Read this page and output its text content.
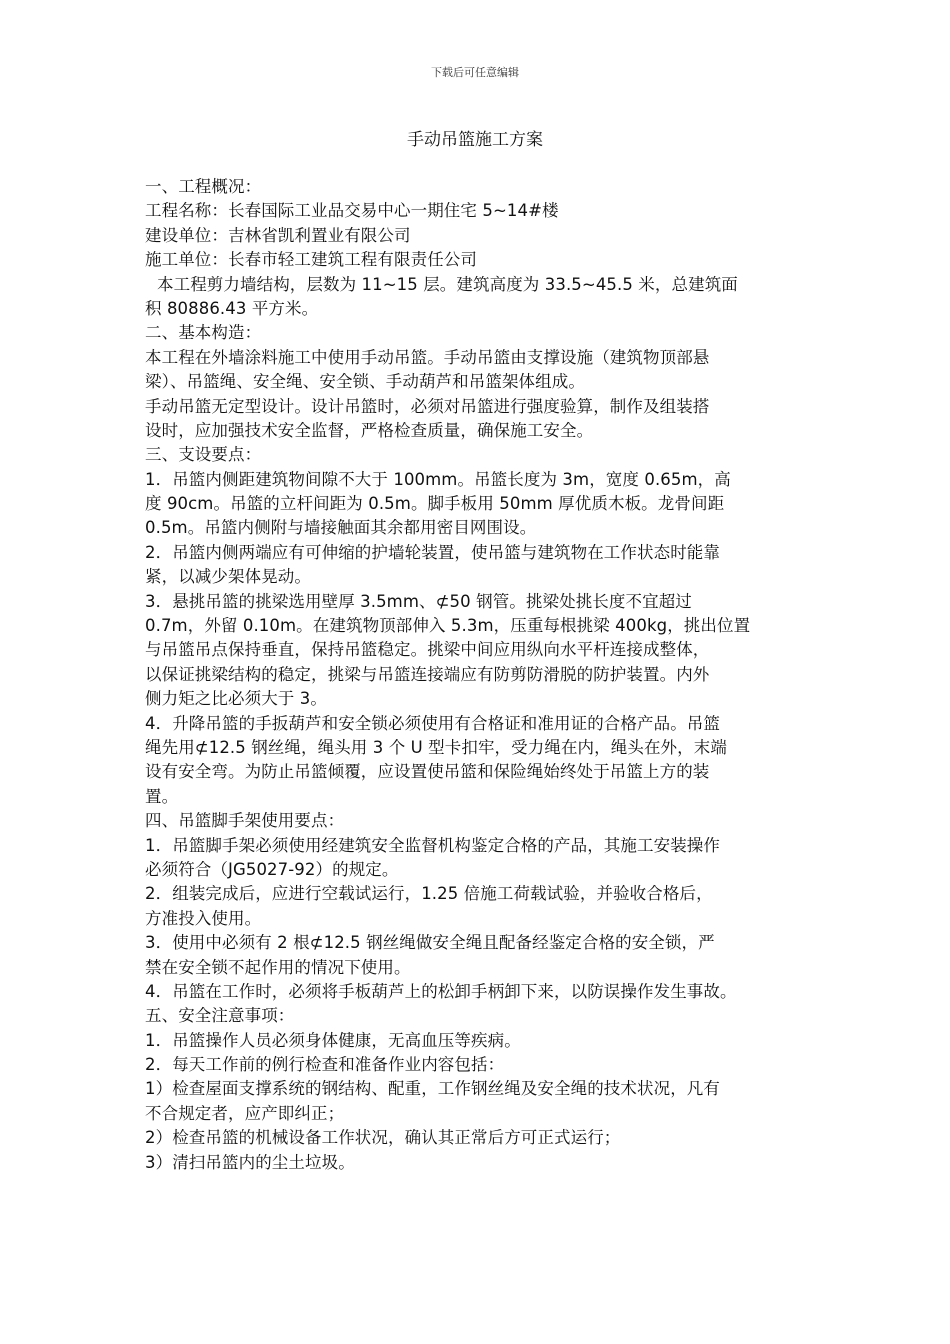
下载后可任意编辑
手动吊篮施工方案
一、工程概况：
工程名称：长春国际工业品交易中心一期住宅 5~14#楼
建设单位：吉林省凯利置业有限公司
施工单位：长春市轻工建筑工程有限责任公司
本工程剪力墙结构，层数为 11~15 层。建筑高度为 33.5~45.5 米，总建筑面
积 80886.43 平方米。
二、基本构造：
本工程在外墙涂料施工中使用手动吊篮。手动吊篮由支撑设施（建筑物顶部悬
梁）、吊篮绳、安全绳、安全锁、手动葫芦和吊篮架体组成。
手动吊篮无定型设计。设计吊篮时，必须对吊篮进行强度验算，制作及组装搭
设时，应加强技术安全监督，严格检查质量，确保施工安全。
三、支设要点：
1．吊篮内侧距建筑物间隙不大于 100mm。吊篮长度为 3m，宽度 0.65m，高
度 90cm。吊篮的立杆间距为 0.5m。脚手板用 50mm 厚优质木板。龙骨间距
0.5m。吊篮内侧附与墙接触面其余都用密目网围设。
2．吊篮内侧两端应有可伸缩的护墙轮装置，使吊篮与建筑物在工作状态时能靠
紧，以减少架体晃动。
3．悬挑吊篮的挑梁选用壁厚 3.5mm、⊄50 钢管。挑梁处挑长度不宜超过
0.7m，外留 0.10m。在建筑物顶部伸入 5.3m，压重每根挑梁 400kg，挑出位置
与吊篮吊点保持垂直，保持吊篮稳定。挑梁中间应用纵向水平杆连接成整体，
以保证挑梁结构的稳定，挑梁与吊篮连接端应有防剪防滑脱的防护装置。内外
侧力矩之比必须大于 3。
4．升降吊篮的手扳葫芦和安全锁必须使用有合格证和准用证的合格产品。吊篮
绳先用⊄12.5 钢丝绳，绳头用 3 个 U 型卡扣牢，受力绳在内，绳头在外，末端
设有安全弯。为防止吊篮倾覆，应设置使吊篮和保险绳始终处于吊篮上方的装
置。
四、吊篮脚手架使用要点：
1．吊篮脚手架必须使用经建筑安全监督机构鉴定合格的产品，其施工安装操作
必须符合（JG5027-92）的规定。
2．组装完成后，应进行空载试运行，1.25 倍施工荷载试验，并验收合格后，
方准投入使用。
3．使用中必须有 2 根⊄12.5 钢丝绳做安全绳且配备经鉴定合格的安全锁，严
禁在安全锁不起作用的情况下使用。
4．吊篮在工作时，必须将手板葫芦上的松卸手柄卸下来，以防误操作发生事故。
五、安全注意事项：
1．吊篮操作人员必须身体健康，无高血压等疾病。
2．每天工作前的例行检查和准备作业内容包括：
1）检查屋面支撑系统的钢结构、配重，工作钢丝绳及安全绳的技术状况，凡有
不合规定者，应产即纠正；
2）检查吊篮的机械设备工作状况，确认其正常后方可正式运行；
3）清扫吊篮内的尘土垃圾。
